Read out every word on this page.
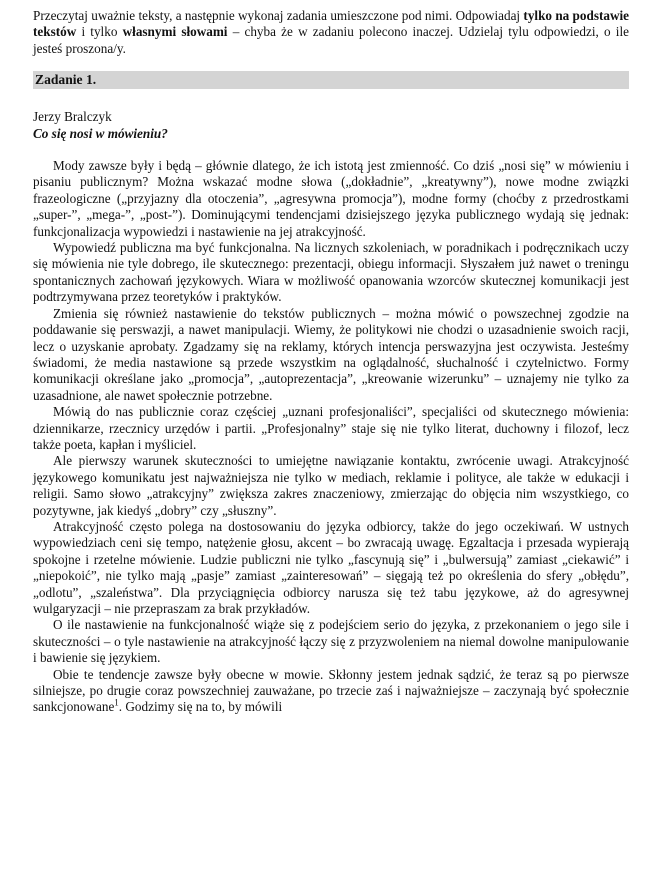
Przeczytaj uważnie teksty, a następnie wykonaj zadania umieszczone pod nimi. Odpowiadaj tylko na podstawie tekstów i tylko własnymi słowami – chyba że w zadaniu polecono inaczej. Udzielaj tylu odpowiedzi, o ile jesteś proszona/y.

Zadanie 1.
Jerzy Bralczyk
Co się nosi w mówieniu?

Mody zawsze były i będą – głównie dlatego, że ich istotą jest zmienność. Co dziś „nosi się” w mówieniu i pisaniu publicznym? Można wskazać modne słowa („dokładnie”, „kreatywny”), nowe modne związki frazeologiczne („przyjazny dla otoczenia”, „agresywna promocja”), modne formy (choćby z przedrostkami „super-”, „mega-”, „post-”). Dominującymi tendencjami dzisiejszego języka publicznego wydają się jednak: funkcjonalizacja wypowiedzi i nastawienie na jej atrakcyjność.

Wypowiedź publiczna ma być funkcjonalna. Na licznych szkoleniach, w poradnikach i podręcznikach uczy się mówienia nie tyle dobrego, ile skutecznego: prezentacji, obiegu informacji. Słyszałem już nawet o treningu spontanicznych zachowań językowych. Wiara w możliwość opanowania wzorców skutecznej komunikacji jest podtrzymywana przez teoretyków i praktyków.

Zmienia się również nastawienie do tekstów publicznych – można mówić o powszechnej zgodzie na poddawanie się perswazji, a nawet manipulacji. Wiemy, że politykowi nie chodzi o uzasadnienie swoich racji, lecz o uzyskanie aprobaty. Zgadzamy się na reklamy, których intencja perswazyjna jest oczywista. Jesteśmy świadomi, że media nastawione są przede wszystkim na oglądalność, słuchalność i czytelnictwo. Formy komunikacji określane jako „promocja”, „autoprezentacja”, „kreowanie wizerunku” – uznajemy nie tylko za uzasadnione, ale nawet społecznie potrzebne.

Mówią do nas publicznie coraz częściej „uznani profesjonaliści”, specjaliści od skutecznego mówienia: dziennikarze, rzecznicy urzędów i partii. „Profesjonalny” staje się nie tylko literat, duchowny i filozof, lecz także poeta, kapłan i myśliciel.

Ale pierwszy warunek skuteczności to umiejętne nawiązanie kontaktu, zwrócenie uwagi. Atrakcyjność językowego komunikatu jest najważniejsza nie tylko w mediach, reklamie i polityce, ale także w edukacji i religii. Samo słowo „atrakcyjny” zwiększa zakres znaczeniowy, zmierzając do objęcia nim wszystkiego, co pozytywne, jak kiedyś „dobry” czy „słuszny”.

Atrakcyjność często polega na dostosowaniu do języka odbiorcy, także do jego oczekiwań. W ustnych wypowiedziach ceni się tempo, natężenie głosu, akcent – bo zwracają uwagę. Egzaltacja i przesada wypierają spokojne i rzetelne mówienie. Ludzie publiczni nie tylko „fascynują się” i „bulwersują” zamiast „ciekawić” i „niepokoić”, nie tylko mają „pasje” zamiast „zainteresowań” – sięgają też po określenia do sfery „obłędu”, „odlotu”, „szaleństwa”. Dla przyciągnięcia odbiorcy narusza się też tabu językowe, aż do agresywnej wulgaryzacji – nie przepraszam za brak przykładów.

O ile nastawienie na funkcjonalność wiąże się z podejściem serio do języka, z przekonaniem o jego sile i skuteczności – o tyle nastawienie na atrakcyjność łączy się z przyzwoleniem na niemal dowolne manipulowanie i bawienie się językiem.

Obie te tendencje zawsze były obecne w mowie. Skłonny jestem jednak sądzić, że teraz są po pierwsze silniejsze, po drugie coraz powszechniej zauważane, po trzecie zaś i najważniejsze – zaczynają być społecznie sankcjonowane$^1$. Godzimy się na to, by mówili
